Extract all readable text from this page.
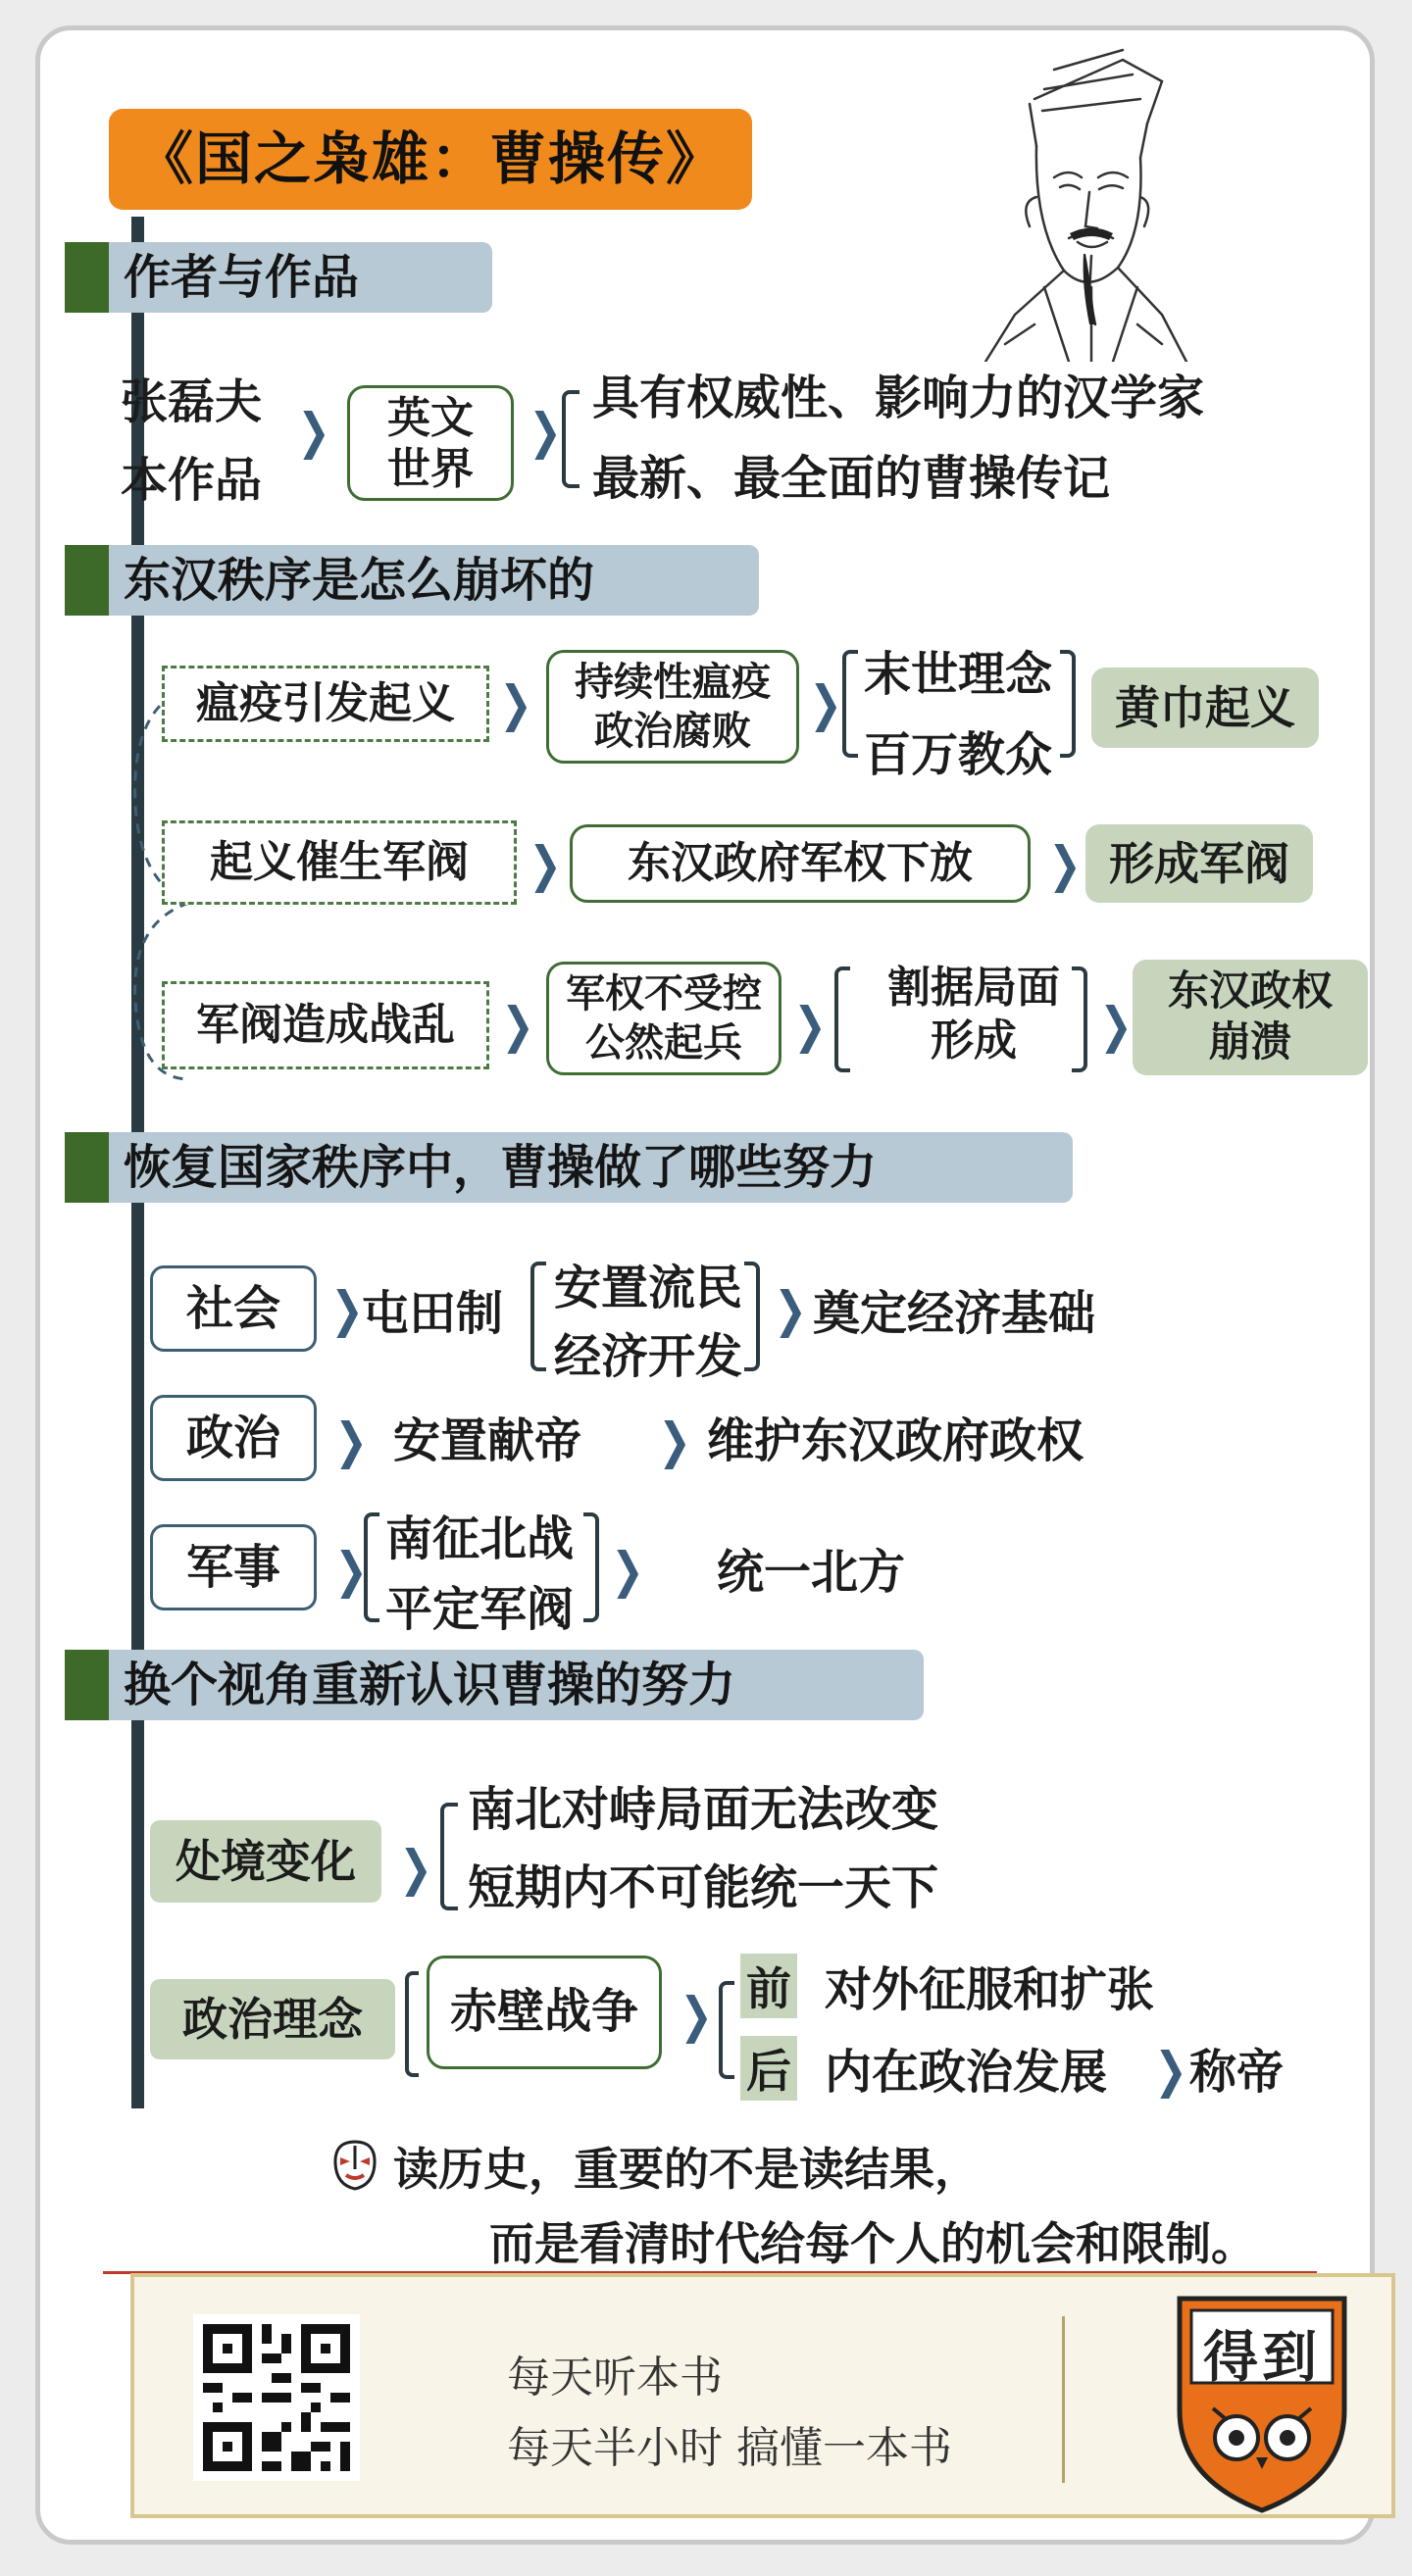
《国之枭雄：曹操传》
作者与作品
张磊夫
本作品
❯	英文
世界
❯
具有权威性、影响力的汉学家
最新、最全面的曹操传记
东汉秩序是怎么崩坏的
瘟疫引发起义 ❯	持续性瘟疫
政治腐败	❯
末世理念
百万教众
黄巾起义
起义催生军阀	❯	东汉政府军权下放	❯ 形成军阀
军阀造成战乱 ❯
军权不受控
公然起兵	❯
割据局面
形成	❯
东汉政权
崩溃
恢复国家秩序中，曹操做了哪些努力
社会	❯
屯田制 安置流民
经济开发
❯ 奠定经济基础
政治	❯ 安置献帝 ❯ 维护东汉政府政权
军事	❯
南征北战
平定军阀
❯ 统一北方
换个视角重新认识曹操的努力
处境变化 ❯
南北对峙局面无法改变
短期内不可能统一天下
政治理念	赤壁战争 ❯ 前 对外征服和扩张
后 内在政治发展 ❯ 称帝
读历史，重要的不是读结果，
而是看清时代给每个人的机会和限制。
每天听本书
每天半小时 搞懂一本书
得到
